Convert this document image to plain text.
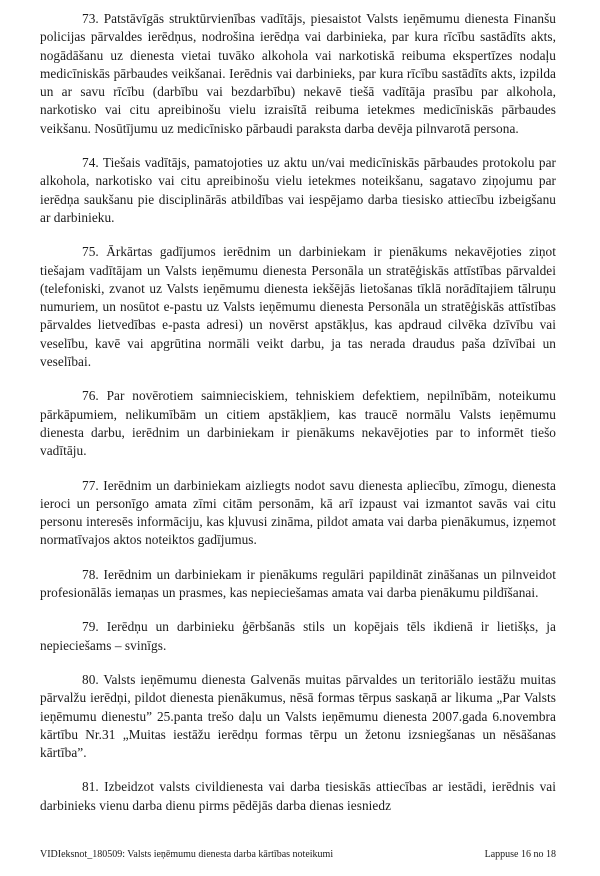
73. Patstāvīgās struktūrvienības vadītājs, piesaistot Valsts ieņēmumu dienesta Finanšu policijas pārvaldes ierēdņus, nodrošina ierēdņa vai darbinieka, par kura rīcību sastādīts akts, nogādāšanu uz dienesta vietai tuvāko alkohola vai narkotiskā reibuma ekspertīzes nodaļu medicīniskās pārbaudes veikšanai. Ierēdnis vai darbinieks, par kura rīcību sastādīts akts, izpilda un ar savu rīcību (darbību vai bezdarbību) nekavē tiešā vadītāja prasību par alkohola, narkotisko vai citu apreibinošu vielu izraisītā reibuma ietekmes medicīniskās pārbaudes veikšanu. Nosūtījumu uz medicīnisko pārbaudi paraksta darba devēja pilnvarotā persona.

74. Tiešais vadītājs, pamatojoties uz aktu un/vai medicīniskās pārbaudes protokolu par alkohola, narkotisko vai citu apreibinošu vielu ietekmes noteikšanu, sagatavo ziņojumu par ierēdņa saukšanu pie disciplinārās atbildības vai iespējamo darba tiesisko attiecību izbeigšanu ar darbinieku.

75. Ārkārtas gadījumos ierēdnim un darbiniekam ir pienākums nekavējoties ziņot tiešajam vadītājam un Valsts ieņēmumu dienesta Personāla un stratēģiskās attīstības pārvaldei (telefoniski, zvanot uz Valsts ieņēmumu dienesta iekšējās lietošanas tīklā norādītajiem tālruņu numuriem, un nosūtot e-pastu uz Valsts ieņēmumu dienesta Personāla un stratēģiskās attīstības pārvaldes lietvedības e-pasta adresi) un novērst apstākļus, kas apdraud cilvēka dzīvību vai veselību, kavē vai apgrūtina normāli veikt darbu, ja tas nerada draudus paša dzīvībai un veselībai.

76. Par novērotiem saimnieciskiem, tehniskiem defektiem, nepilnībām, noteikumu pārkāpumiem, nelikumībām un citiem apstākļiem, kas traucē normālu Valsts ieņēmumu dienesta darbu, ierēdnim un darbiniekam ir pienākums nekavējoties par to informēt tiešo vadītāju.

77. Ierēdnim un darbiniekam aizliegts nodot savu dienesta apliecību, zīmogu, dienesta ieroci un personīgo amata zīmi citām personām, kā arī izpaust vai izmantot savās vai citu personu interesēs informāciju, kas kļuvusi zināma, pildot amata vai darba pienākumus, izņemot normatīvajos aktos noteiktos gadījumus.

78. Ierēdnim un darbiniekam ir pienākums regulāri papildināt zināšanas un pilnveidot profesionālās iemaņas un prasmes, kas nepieciešamas amata vai darba pienākumu pildīšanai.

79. Ierēdņu un darbinieku ģērbšanās stils un kopējais tēls ikdienā ir lietišķs, ja nepieciešams – svinīgs.

80. Valsts ieņēmumu dienesta Galvenās muitas pārvaldes un teritoriālo iestāžu muitas pārvalžu ierēdņi, pildot dienesta pienākumus, nēsā formas tērpus saskaņā ar likuma „Par Valsts ieņēmumu dienestu” 25.panta trešo daļu un Valsts ieņēmumu dienesta 2007.gada 6.novembra kārtību Nr.31 „Muitas iestāžu ierēdņu formas tērpu un žetonu izsniegšanas un nēsāšanas kārtība”.

81. Izbeidzot valsts civildienesta vai darba tiesiskās attiecības ar iestādi, ierēdnis vai darbinieks vienu darba dienu pirms pēdējās darba dienas iesniedz

VIDIeksnot_180509: Valsts ieņēmumu dienesta darba kārtības noteikumi	Lappuse 16 no 18
